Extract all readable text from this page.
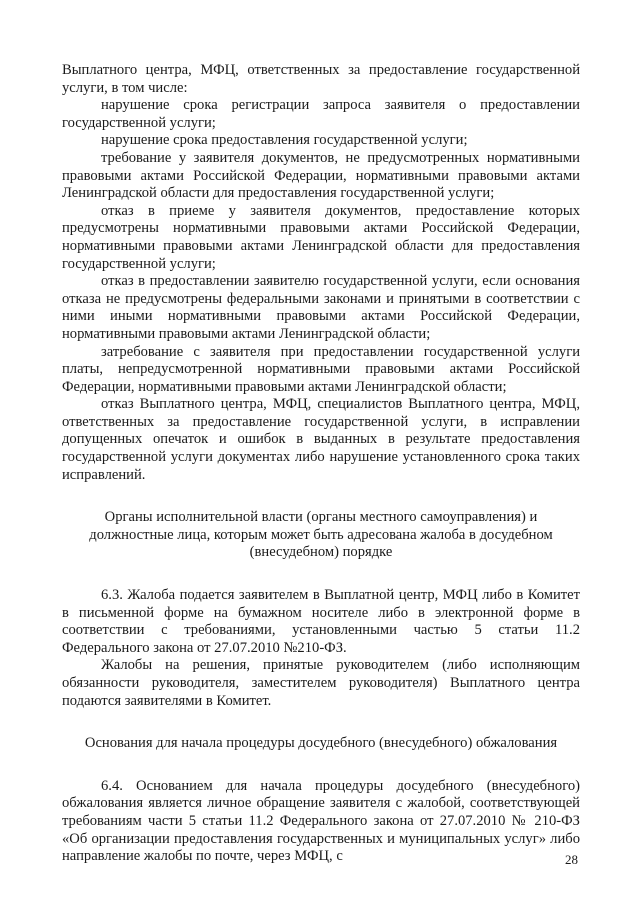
Выплатного центра, МФЦ, ответственных за предоставление государственной услуги, в том числе:

нарушение срока регистрации запроса заявителя о предоставлении государственной услуги;

нарушение срока предоставления государственной услуги;

требование у заявителя документов, не предусмотренных нормативными правовыми актами Российской Федерации, нормативными правовыми актами Ленинградской области для предоставления государственной услуги;

отказ в приеме у заявителя документов, предоставление которых предусмотрены нормативными правовыми актами Российской Федерации, нормативными правовыми актами Ленинградской области для предоставления государственной услуги;

отказ в предоставлении заявителю государственной услуги, если основания отказа не предусмотрены федеральными законами и принятыми в соответствии с ними иными нормативными правовыми актами Российской Федерации, нормативными правовыми актами Ленинградской области;

затребование с заявителя при предоставлении государственной услуги платы, непредусмотренной нормативными правовыми актами Российской Федерации, нормативными правовыми актами Ленинградской области;

отказ Выплатного центра, МФЦ, специалистов Выплатного центра, МФЦ, ответственных за предоставление государственной услуги, в исправлении допущенных опечаток и ошибок в выданных в результате предоставления государственной услуги документах либо нарушение установленного срока таких исправлений.

Органы исполнительной власти (органы местного самоуправления) и должностные лица, которым может быть адресована жалоба в досудебном (внесудебном) порядке

6.3. Жалоба подается заявителем в Выплатной центр, МФЦ либо в Комитет в письменной форме на бумажном носителе либо в электронной форме в соответствии с требованиями, установленными частью 5 статьи 11.2 Федерального закона от 27.07.2010 №210-ФЗ.

Жалобы на решения, принятые руководителем (либо исполняющим обязанности руководителя, заместителем руководителя) Выплатного центра подаются заявителями в Комитет.

Основания для начала процедуры досудебного (внесудебного) обжалования

6.4. Основанием для начала процедуры досудебного (внесудебного) обжалования является личное обращение заявителя с жалобой, соответствующей требованиям части 5 статьи 11.2 Федерального закона от 27.07.2010 № 210-ФЗ «Об организации предоставления государственных и муниципальных услуг» либо направление жалобы по почте, через МФЦ, с	28
